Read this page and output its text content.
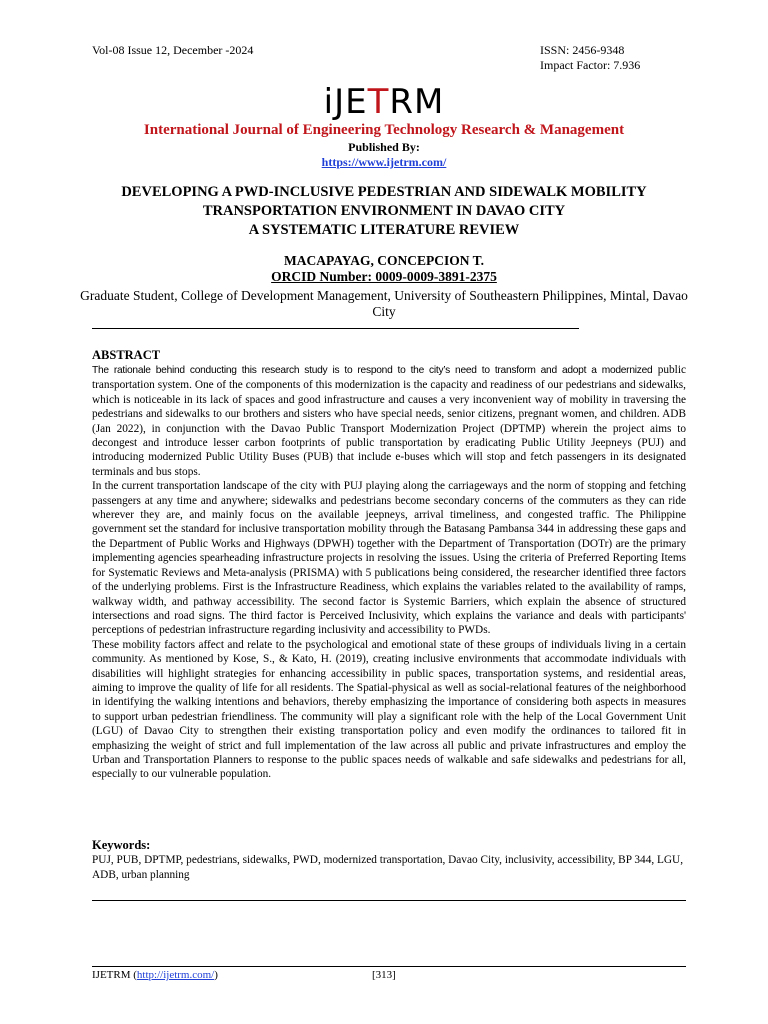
Vol-08 Issue 12, December -2024	ISSN: 2456-9348
Impact Factor: 7.936
iJETRM
International Journal of Engineering Technology Research & Management
Published By:
https://www.ijetrm.com/
DEVELOPING A PWD-INCLUSIVE PEDESTRIAN AND SIDEWALK MOBILITY
TRANSPORTATION ENVIRONMENT IN DAVAO CITY
A SYSTEMATIC LITERATURE REVIEW
MACAPAYAG, CONCEPCION T.
ORCID Number: 0009-0009-3891-2375
Graduate Student, College of Development Management, University of Southeastern Philippines, Mintal, Davao City
ABSTRACT

The rationale behind conducting this research study is to respond to the city’s need to transform and adopt a modernized public transportation system. One of the components of this modernization is the capacity and readiness of our pedestrians and sidewalks, which is noticeable in its lack of spaces and good infrastructure and causes a very inconvenient way of mobility in traversing the pedestrians and sidewalks to our brothers and sisters who have special needs, senior citizens, pregnant women, and children. ADB (Jan 2022), in conjunction with the Davao Public Transport Modernization Project (DPTMP) wherein the project aims to decongest and introduce lesser carbon footprints of public transportation by eradicating Public Utility Jeepneys (PUJ) and introducing modernized Public Utility Buses (PUB) that include e-buses which will stop and fetch passengers in its designated terminals and bus stops.

In the current transportation landscape of the city with PUJ playing along the carriageways and the norm of stopping and fetching passengers at any time and anywhere; sidewalks and pedestrians become secondary concerns of the commuters as they can ride wherever they are, and mainly focus on the available jeepneys, arrival timeliness, and congested traffic. The Philippine government set the standard for inclusive transportation mobility through the Batasang Pambansa 344 in addressing these gaps and the Department of Public Works and Highways (DPWH) together with the Department of Transportation (DOTr) are the primary implementing agencies spearheading infrastructure projects in resolving the issues. Using the criteria of Preferred Reporting Items for Systematic Reviews and Meta-analysis (PRISMA) with 5 publications being considered, the researcher identified three factors of the underlying problems. First is the Infrastructure Readiness, which explains the variables related to the availability of ramps, walkway width, and pathway accessibility. The second factor is Systemic Barriers, which explain the absence of structured intersections and road signs. The third factor is Perceived Inclusivity, which explains the variance and deals with participants' perceptions of pedestrian infrastructure regarding inclusivity and accessibility to PWDs.

These mobility factors affect and relate to the psychological and emotional state of these groups of individuals living in a certain community. As mentioned by Kose, S., & Kato, H. (2019), creating inclusive environments that accommodate individuals with disabilities will highlight strategies for enhancing accessibility in public spaces, transportation systems, and residential areas, aiming to improve the quality of life for all residents. The Spatial-physical as well as social-relational features of the neighborhood in identifying the walking intentions and behaviors, thereby emphasizing the importance of considering both aspects in measures to support urban pedestrian friendliness. The community will play a significant role with the help of the Local Government Unit (LGU) of Davao City to strengthen their existing transportation policy and even modify the ordinances to tailored fit in emphasizing the weight of strict and full implementation of the law across all public and private infrastructures and employ the Urban and Transportation Planners to response to the public spaces needs of walkable and safe sidewalks and pedestrians for all, especially to our vulnerable population.

Keywords:
PUJ, PUB, DPTMP, pedestrians, sidewalks, PWD, modernized transportation, Davao City, inclusivity, accessibility, BP 344, LGU, ADB, urban planning
IJETRM (http://ijetrm.com/)	[313]
